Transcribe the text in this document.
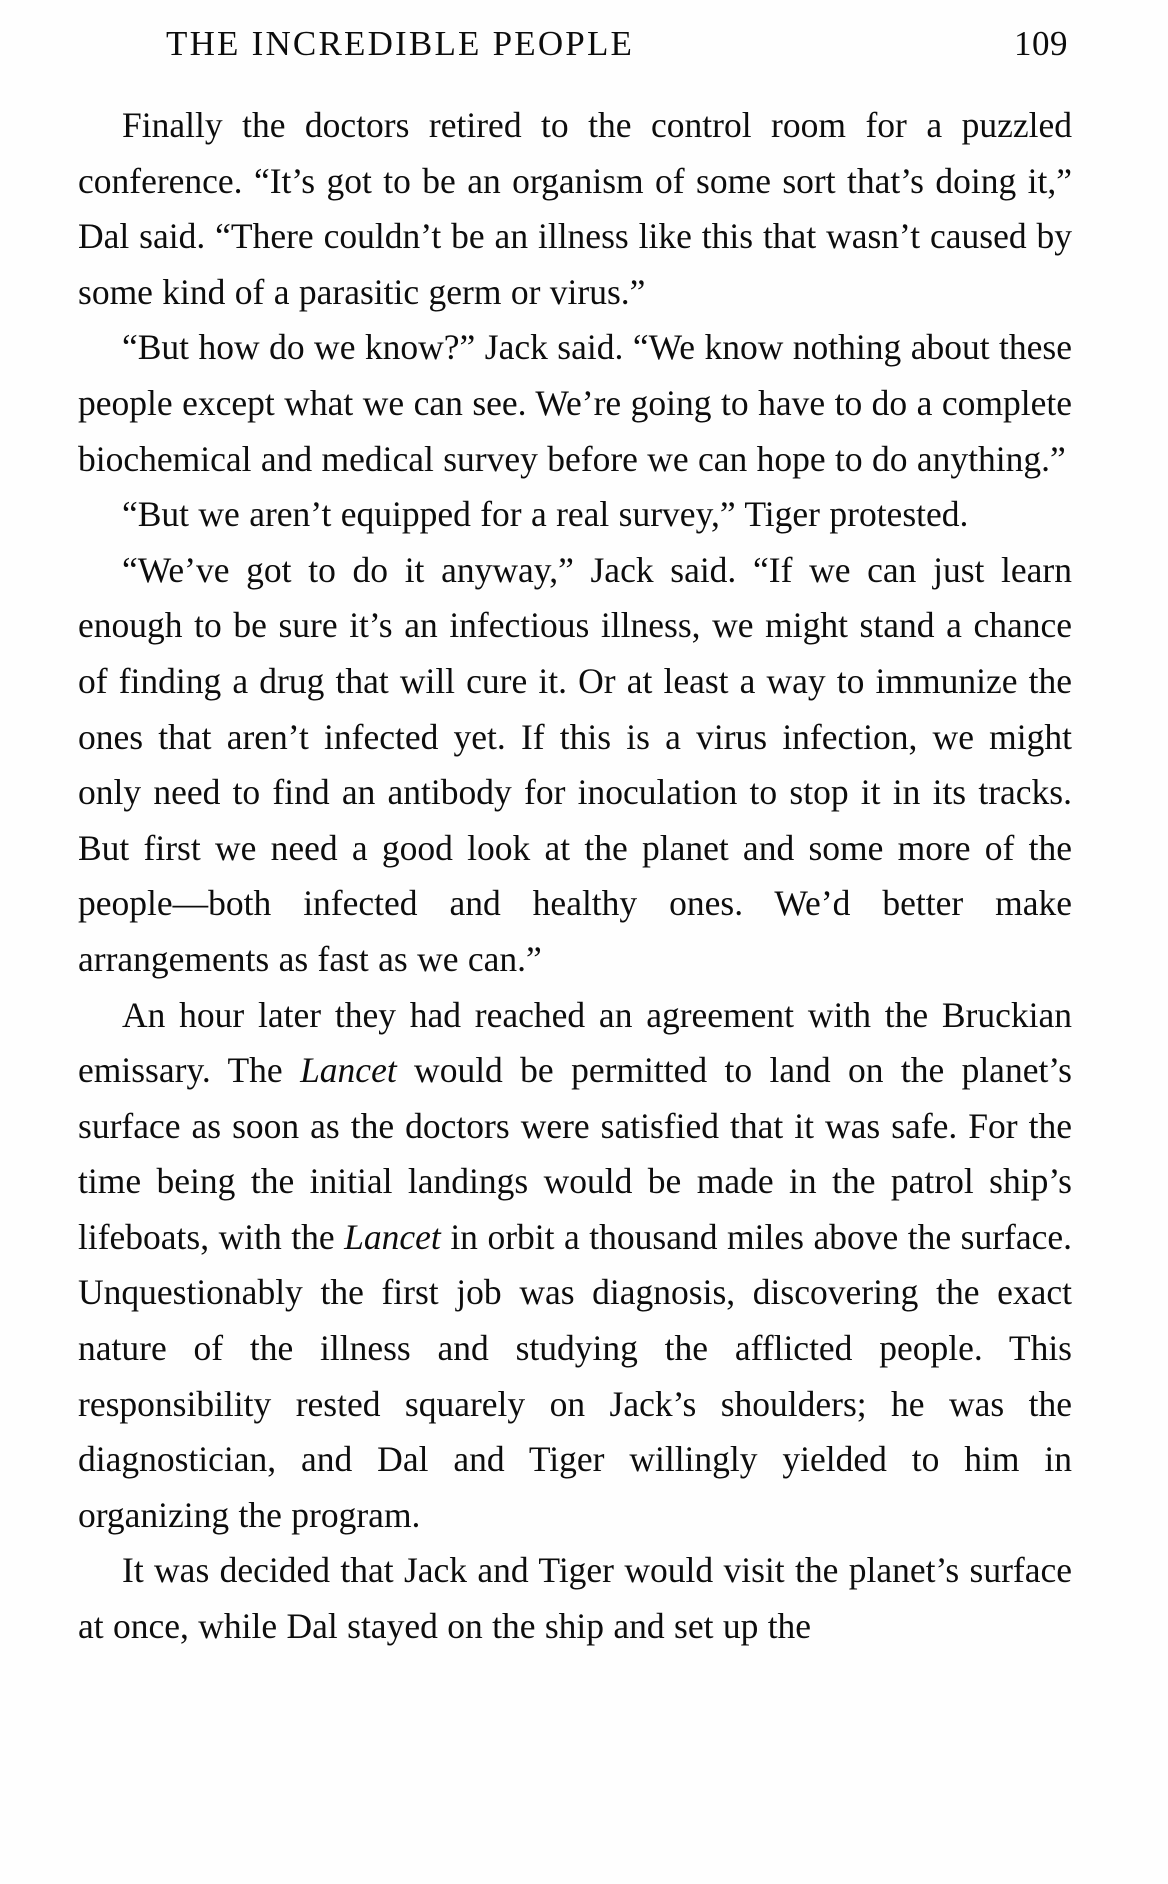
THE INCREDIBLE PEOPLE	109

Finally the doctors retired to the control room for a puzzled conference. “It’s got to be an organism of some sort that’s doing it,” Dal said. “There couldn’t be an illness like this that wasn’t caused by some kind of a parasitic germ or virus.”

“But how do we know?” Jack said. “We know nothing about these people except what we can see. We’re going to have to do a complete biochemical and medical survey before we can hope to do anything.”

“But we aren’t equipped for a real survey,” Tiger protested.

“We’ve got to do it anyway,” Jack said. “If we can just learn enough to be sure it’s an infectious illness, we might stand a chance of finding a drug that will cure it. Or at least a way to immunize the ones that aren’t infected yet. If this is a virus infection, we might only need to find an antibody for inoculation to stop it in its tracks. But first we need a good look at the planet and some more of the people—both infected and healthy ones. We’d better make arrangements as fast as we can.”

An hour later they had reached an agreement with the Bruckian emissary. The Lancet would be permitted to land on the planet’s surface as soon as the doctors were satisfied that it was safe. For the time being the initial landings would be made in the patrol ship’s lifeboats, with the Lancet in orbit a thousand miles above the surface. Unquestionably the first job was diagnosis, discovering the exact nature of the illness and studying the afflicted people. This responsibility rested squarely on Jack’s shoulders; he was the diagnostician, and Dal and Tiger willingly yielded to him in organizing the program.

It was decided that Jack and Tiger would visit the planet’s surface at once, while Dal stayed on the ship and set up the
